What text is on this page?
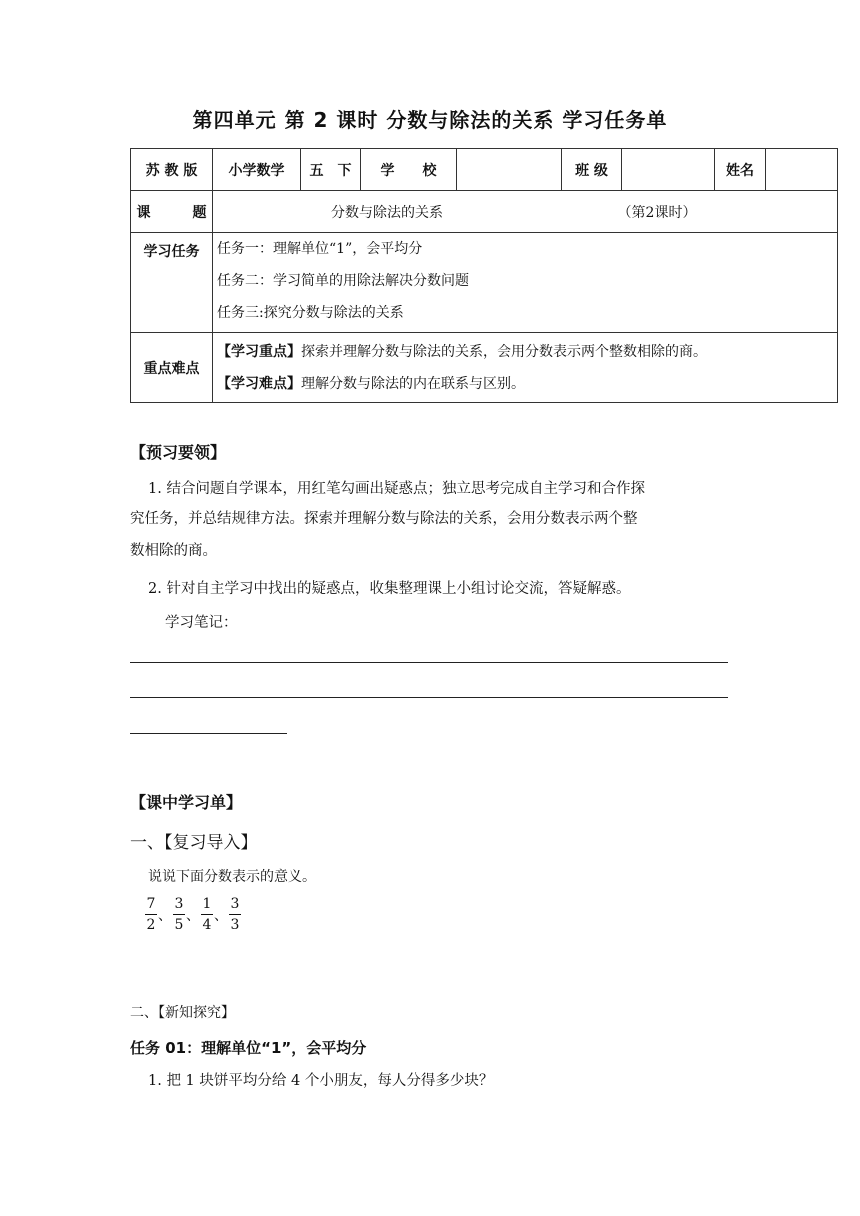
第四单元 第 2 课时 分数与除法的关系 学习任务单
苏 教 版	小学数学	五　下	学　　校		班 级		姓名	
课　　　题	分数与除法的关系 （第2课时）							
学习任务	任务一：理解单位“1”，会平均分
任务二：学习简单的用除法解决分数问题
任务三:探究分数与除法的关系							

重点难点	【学习重点】探索并理解分数与除法的关系，会用分数表示两个整数相除的商。
【学习难点】理解分数与除法的内在联系与区别。							
【预习要领】
1. 结合问题自学课本，用红笔勾画出疑惑点；独立思考完成自主学习和合作探
究任务，并总结规律方法。探索并理解分数与除法的关系，会用分数表示两个整
数相除的商。
2. 针对自主学习中找出的疑惑点，收集整理课上小组讨论交流，答疑解惑。
学习笔记：
【课中学习单】
一、【复习导入】
说说下面分数表示的意义。
$\frac{7}{2}$ 、 $\frac{3}{5}$ 、 $\frac{1}{4}$ 、 $\frac{3}{3}$
二、【新知探究】
任务 01：理解单位“1”，会平均分
1. 把 1 块饼平均分给 4 个小朋友，每人分得多少块？
